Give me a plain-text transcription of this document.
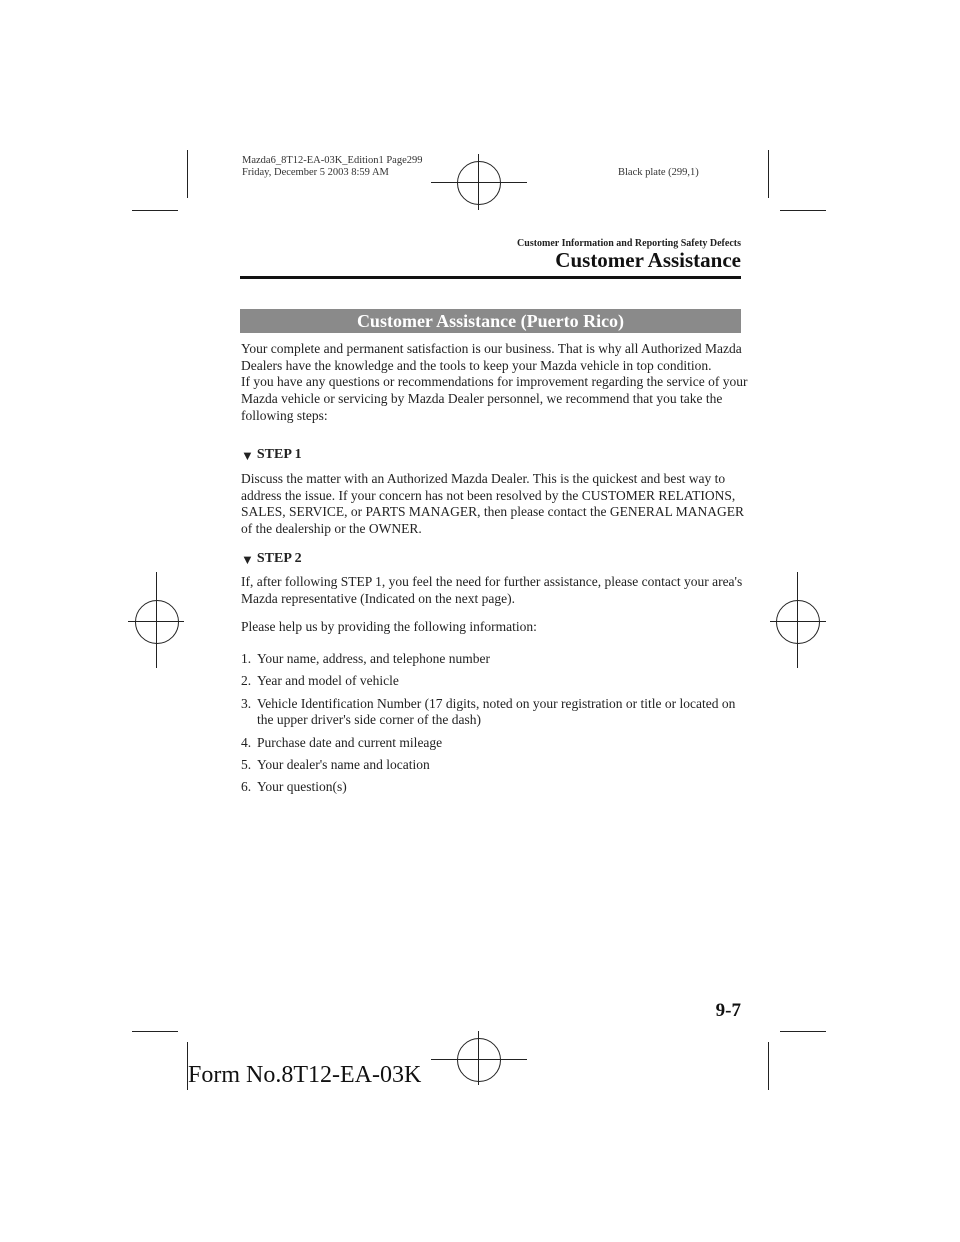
Mazda6_8T12-EA-03K_Edition1 Page299
Friday, December 5 2003 8:59 AM	Black plate (299,1)
Customer Information and Reporting Safety Defects
Customer Assistance
Customer Assistance (Puerto Rico)

Your complete and permanent satisfaction is our business. That is why all Authorized Mazda Dealers have the knowledge and the tools to keep your Mazda vehicle in top condition.

If you have any questions or recommendations for improvement regarding the service of your Mazda vehicle or servicing by Mazda Dealer personnel, we recommend that you take the following steps:

▼ STEP 1
Discuss the matter with an Authorized Mazda Dealer. This is the quickest and best way to address the issue. If your concern has not been resolved by the CUSTOMER RELATIONS, SALES, SERVICE, or PARTS MANAGER, then please contact the GENERAL MANAGER of the dealership or the OWNER.
▼ STEP 2
If, after following STEP 1, you feel the need for further assistance, please contact your area's Mazda representative (Indicated on the next page).
Please help us by providing the following information:
1. Your name, address, and telephone number
2. Year and model of vehicle
3. Vehicle Identification Number (17 digits, noted on your registration or title or located on the upper driver's side corner of the dash)
4. Purchase date and current mileage
5. Your dealer's name and location
6. Your question(s)
9-7
Form No.8T12-EA-03K
